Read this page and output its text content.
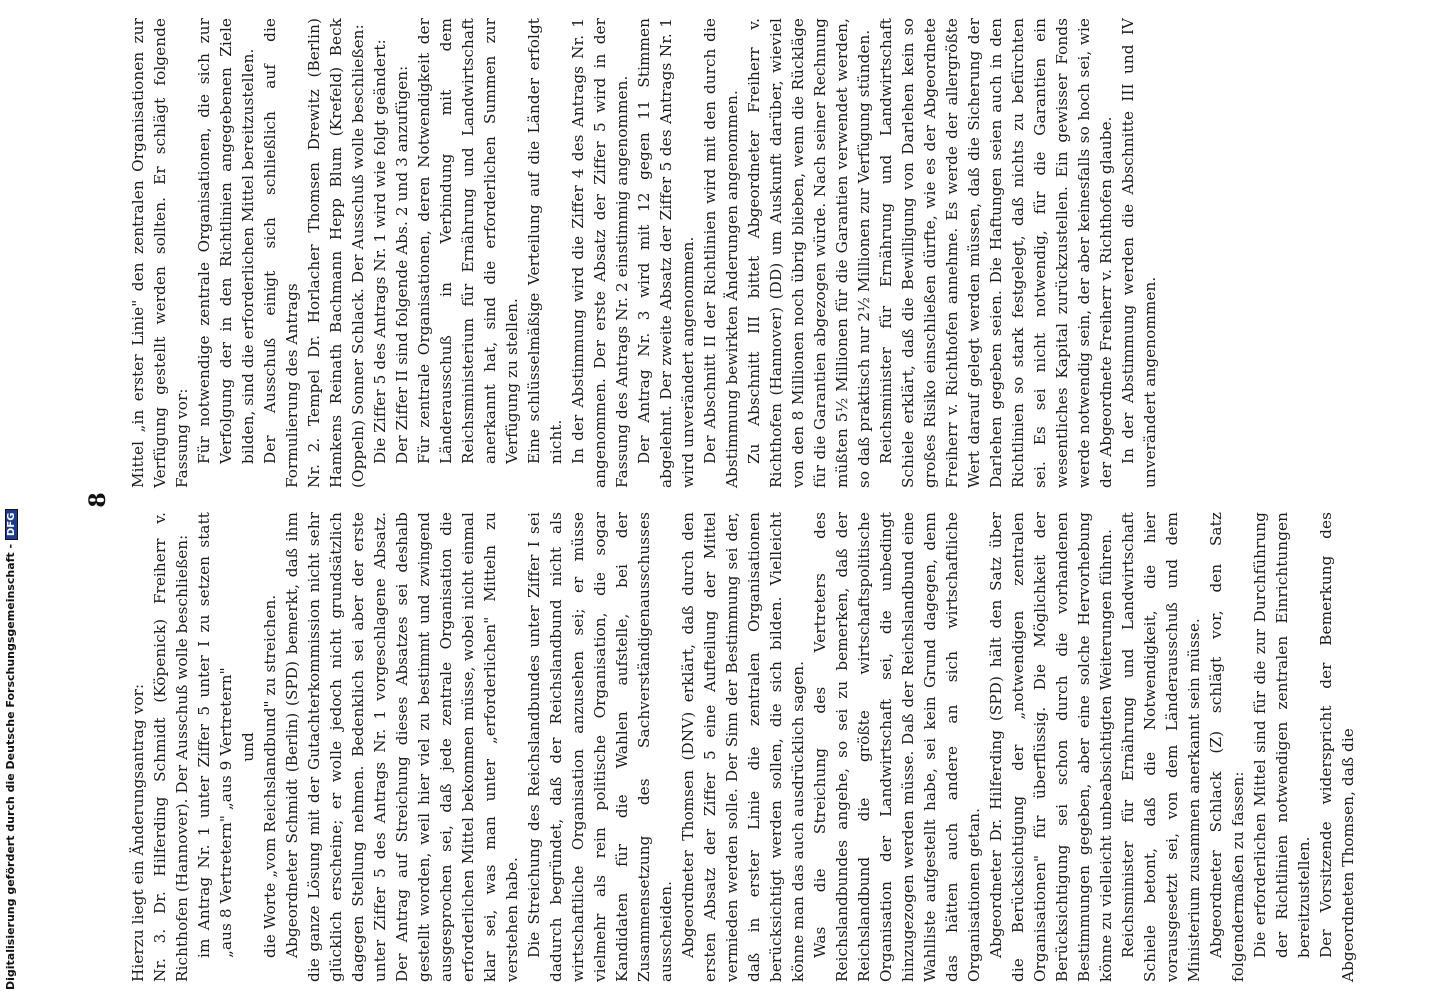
8

Hierzu liegt ein Änderungsantrag vor: Nr. 3. Dr. Hilferding Schmidt (Köpenick) Freiherr v. Richthofen (Hannover). Der Ausschuß wolle beschließen: im Antrag Nr. 1 unter Ziffer 5 unter I zu setzen statt „aus 8 Vertretern" „aus 9 Vertretern" und die Worte „vom Reichslandbund" zu streichen. Abgeordneter Schmidt (Berlin) (SPD) bemerkt, daß ihm die ganze Lösung mit der Gutachterkommission nicht sehr glücklich erscheine; er wolle jedoch nicht grundsätzlich dagegen Stellung nehmen. Bedenklich sei aber der erste unter Ziffer 5 des Antrags Nr. 1 vorgeschlagene Absatz. Der Antrag auf Streichung dieses Absatzes sei deshalb gestellt worden, weil hier viel zu bestimmt und zwingend ausgesprochen sei, daß jede zentrale Organisation die erforderlichen Mittel bekommen müsse, wobei nicht einmal klar sei, was man unter „erforderlichen" Mitteln zu verstehen habe. Die Streichung des Reichslandbundes unter Ziffer I sei dadurch begründet, daß der Reichslandbund nicht als wirtschaftliche Organisation anzusehen sei; er müsse vielmehr als rein politische Organisation, die sogar Kandidaten für die Wahlen aufstelle, bei der Zusammensetzung des Sachverständigenausschusses ausscheiden. Abgeordneter Thomsen (DNV) erklärt, daß durch den ersten Absatz der Ziffer 5 eine Aufteilung der Mittel vermieden werden solle. Der Sinn der Bestimmung sei der, daß in erster Linie die zentralen Organisationen berücksichtigt werden sollen, die sich bilden. Vielleicht könne man das auch ausdrücklich sagen. Was die Streichung des Vertreters des Reichslandbundes angehe, so sei zu bemerken, daß der Reichslandbund die größte wirtschaftspolitische Organisation der Landwirtschaft sei, die unbedingt hinzugezogen werden müsse. Daß der Reichslandbund eine Wahlliste aufgestellt habe, sei kein Grund dagegen, denn das hätten auch andere an sich wirtschaftliche Organisationen getan. Abgeordneter Dr. Hilferding (SPD) hält den Satz über die Berücksichtigung der „notwendigen zentralen Organisationen" für überflüssig. Die Möglichkeit der Berücksichtigung sei schon durch die vorhandenen Bestimmungen gegeben, aber eine solche Hervorhebung könne zu vielleicht unbeabsichtigten Weiterungen führen. Reichsminister für Ernährung und Landwirtschaft Schiele betont, daß die Notwendigkeit, die hier vorausgesetzt sei, von dem Länderausschuß und dem Ministerium zusammen anerkannt sein müsse. Abgeordneter Schlack (Z) schlägt vor, den Satz folgendermaßen zu fassen: Die erforderlichen Mittel sind für die zur Durchführung der Richtlinien notwendigen zentralen Einrichtungen bereitzustellen. Der Vorsitzende widerspricht der Bemerkung des Abgeordneten Thomsen, daß die

Mittel „in erster Linie" den zentralen Organisationen zur Verfügung gestellt werden sollten. Er schlägt folgende Fassung vor: Für notwendige zentrale Organisationen, die sich zur Verfolgung der in den Richtlinien angegebenen Ziele bilden, sind die erforderlichen Mittel bereitzustellen. Der Ausschuß einigt sich schließlich auf die Formulierung des Antrags Nr. 2. Tempel Dr. Horlacher Thomsen Drewitz (Berlin) Hamkens Reinath Bachmann Hepp Blum (Krefeld) Beck (Oppeln) Sonner Schlack. Der Ausschuß wolle beschließen: Die Ziffer 5 des Antrags Nr. 1 wird wie folgt geändert: Der Ziffer II sind folgende Abs. 2 und 3 anzufügen: Für zentrale Organisationen, deren Notwendigkeit der Länderausschuß in Verbindung mit dem Reichsministerium für Ernährung und Landwirtschaft anerkannt hat, sind die erforderlichen Summen zur Verfügung zu stellen. Eine schlüsselmäßige Verteilung auf die Länder erfolgt nicht. In der Abstimmung wird die Ziffer 4 des Antrags Nr. 1 angenommen. Der erste Absatz der Ziffer 5 wird in der Fassung des Antrags Nr. 2 einstimmig angenommen. Der Antrag Nr. 3 wird mit 12 gegen 11 Stimmen abgelehnt. Der zweite Absatz der Ziffer 5 des Antrags Nr. 1 wird unverändert angenommen. Der Abschnitt II der Richtlinien wird mit den durch die Abstimmung bewirkten Änderungen angenommen. Zu Abschnitt III bittet Abgeordneter Freiherr v. Richthofen (Hannover) (DD) um Auskunft darüber, wieviel von den 8 Millionen noch übrig blieben, wenn die Rückläge für die Garantien abgezogen würde. Nach seiner Rechnung müßten 5½ Millionen für die Garantien verwendet werden, so daß praktisch nur 2½ Millionen zur Verfügung stünden. Reichsminister für Ernährung und Landwirtschaft Schiele erklärt, daß die Bewilligung von Darlehen kein so großes Risiko einschließen dürfte, wie es der Abgeordnete Freiherr v. Richthofen annehme. Es werde der allergrößte Wert darauf gelegt werden müssen, daß die Sicherung der Darlehen gegeben seien. Die Haftungen seien auch in den Richtlinien so stark festgelegt, daß nichts zu befürchten sei. Es sei nicht notwendig, für die Garantien ein wesentliches Kapital zurückzustellen. Ein gewisser Fonds werde notwendig sein, der aber keinesfalls so hoch sei, wie der Abgeordnete Freiherr v. Richthofen glaube. In der Abstimmung werden die Abschnitte III und IV unverändert angenommen.

Digitalisierung gefördert durch die Deutsche Forschungsgemeinschaft -DFG
